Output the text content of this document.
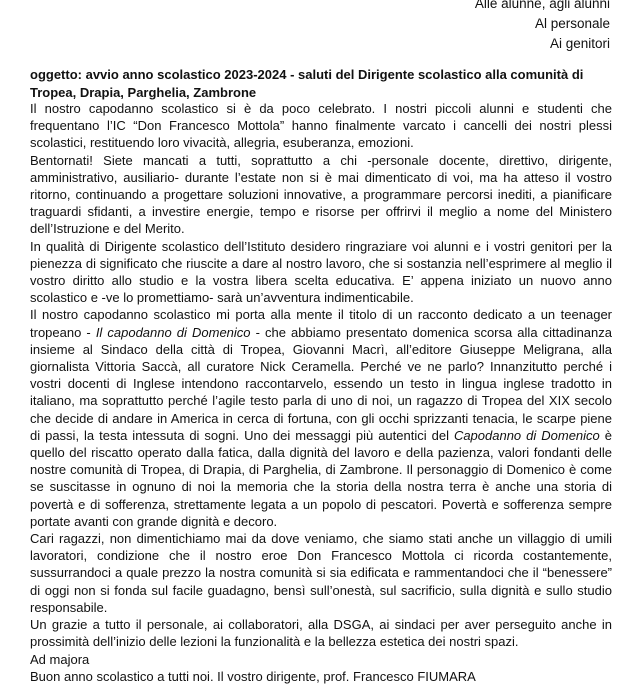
Alle alunne, agli alunni
Al personale
Ai genitori
oggetto: avvio anno scolastico 2023-2024 - saluti del Dirigente scolastico alla comunità di Tropea, Drapia, Parghelia, Zambrone

Il nostro capodanno scolastico si è da poco celebrato. I nostri piccoli alunni e studenti che frequentano l’IC “Don Francesco Mottola” hanno finalmente varcato i cancelli dei nostri plessi scolastici, restituendo loro vivacità, allegria, esuberanza, emozioni.

Bentornati! Siete mancati a tutti, soprattutto a chi -personale docente, direttivo, dirigente, amministrativo, ausiliario- durante l’estate non si è mai dimenticato di voi, ma ha atteso il vostro ritorno, continuando a progettare soluzioni innovative, a programmare percorsi inediti, a pianificare traguardi sfidanti, a investire energie, tempo e risorse per offrirvi il meglio a nome del Ministero dell’Istruzione e del Merito.

In qualità di Dirigente scolastico dell’Istituto desidero ringraziare voi alunni e i vostri genitori per la pienezza di significato che riuscite a dare al nostro lavoro, che si sostanzia nell’esprimere al meglio il vostro diritto allo studio e la vostra libera scelta educativa. E’ appena iniziato un nuovo anno scolastico e -ve lo promettiamo- sarà un’avventura indimenticabile.

Il nostro capodanno scolastico mi porta alla mente il titolo di un racconto dedicato a un teenager tropeano - Il capodanno di Domenico - che abbiamo presentato domenica scorsa alla cittadinanza insieme al Sindaco della città di Tropea, Giovanni Macrì, all’editore Giuseppe Meligrana, alla giornalista Vittoria Saccà, all curatore Nick Ceramella. Perché ve ne parlo? Innanzitutto perché i vostri docenti di Inglese intendono raccontarvelo, essendo un testo in lingua inglese tradotto in italiano, ma soprattutto perché l’agile testo parla di uno di noi, un ragazzo di Tropea del XIX secolo che decide di andare in America in cerca di fortuna, con gli occhi sprizzanti tenacia, le scarpe piene di passi, la testa intessuta di sogni. Uno dei messaggi più autentici del Capodanno di Domenico è quello del riscatto operato dalla fatica, dalla dignità del lavoro e della pazienza, valori fondanti delle nostre comunità di Tropea, di Drapia, di Parghelia, di Zambrone. Il personaggio di Domenico è come se suscitasse in ognuno di noi la memoria che la storia della nostra terra è anche una storia di povertà e di sofferenza, strettamente legata a un popolo di pescatori. Povertà e sofferenza sempre portate avanti con grande dignità e decoro.

Cari ragazzi, non dimentichiamo mai da dove veniamo, che siamo stati anche un villaggio di umili lavoratori, condizione che il nostro eroe Don Francesco Mottola ci ricorda costantemente, sussurrandoci a quale prezzo la nostra comunità si sia edificata e rammentandoci che il “benessere” di oggi non si fonda sul facile guadagno, bensì sull’onestà, sul sacrificio, sulla dignità e sullo studio responsabile.

Un grazie a tutto il personale, ai collaboratori, alla DSGA, ai sindaci per aver perseguito anche in prossimità dell’inizio delle lezioni la funzionalità e la bellezza estetica dei nostri spazi.

Ad majora

Buon anno scolastico a tutti noi. Il vostro dirigente, prof. Francesco FIUMARA
